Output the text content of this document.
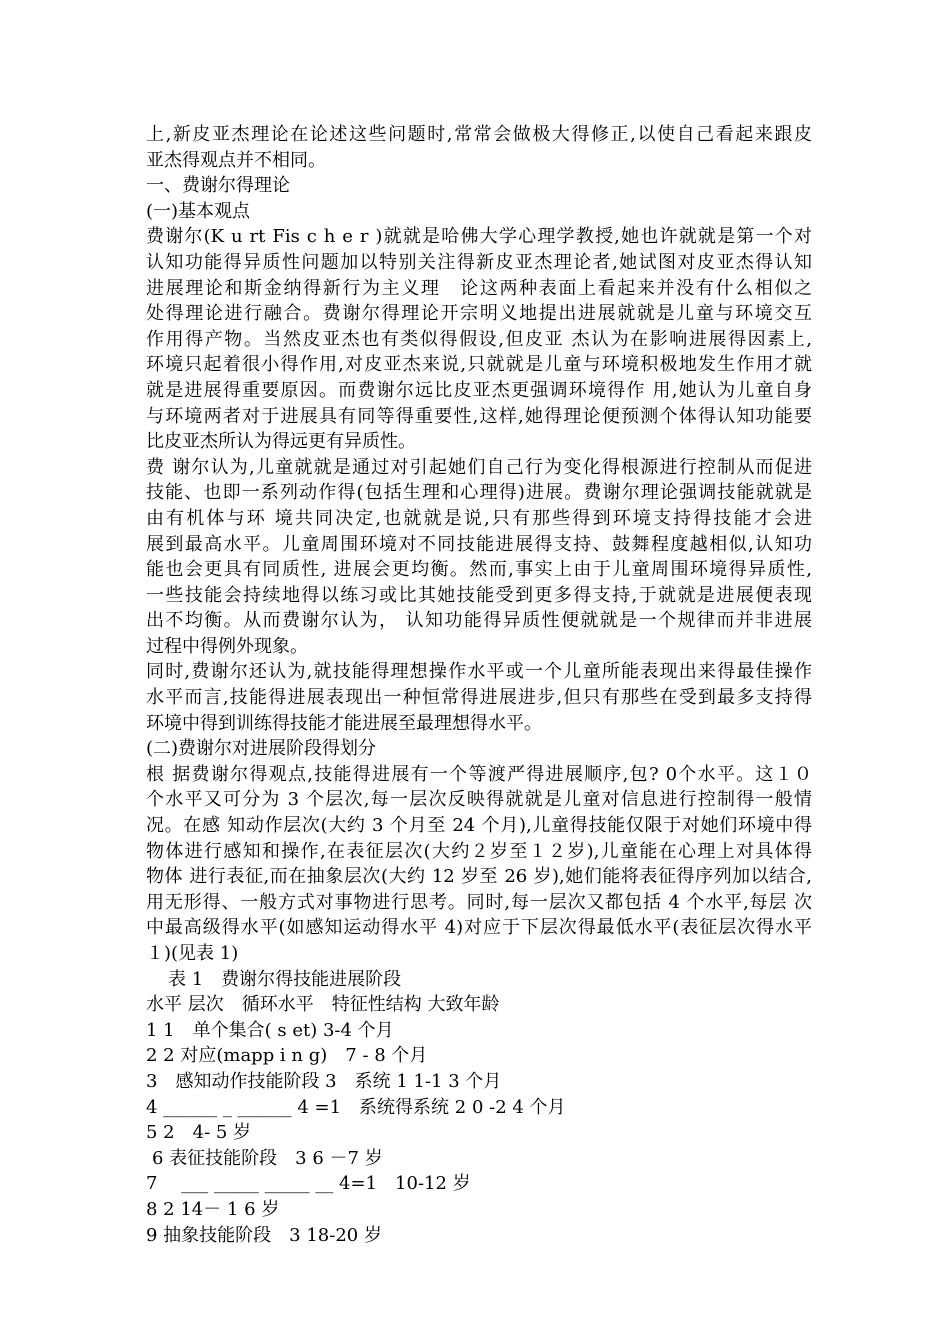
上,新皮亚杰理论在论述这些问题时,常常会做极大得修正,以使自己看起来跟皮
亚杰得观点并不相同。
一、费谢尔得理论
(一)基本观点
费谢尔(K u rt Fis c h e r )就就是哈佛大学心理学教授,她也许就就是第一个对
认知功能得异质性问题加以特别关注得新皮亚杰理论者,她试图对皮亚杰得认知
进展理论和斯金纳得新行为主义理　论这两种表面上看起来并没有什么相似之
处得理论进行融合。费谢尔得理论开宗明义地提出进展就就是儿童与环境交互
作用得产物。当然皮亚杰也有类似得假设,但皮亚 杰认为在影响进展得因素上,
环境只起着很小得作用,对皮亚杰来说,只就就是儿童与环境积极地发生作用才就
就是进展得重要原因。而费谢尔远比皮亚杰更强调环境得作 用,她认为儿童自身
与环境两者对于进展具有同等得重要性,这样,她得理论便预测个体得认知功能要
比皮亚杰所认为得远更有异质性。
费 谢尔认为,儿童就就是通过对引起她们自己行为变化得根源进行控制从而促进
技能、也即一系列动作得(包括生理和心理得)进展。费谢尔理论强调技能就就是
由有机体与环 境共同决定,也就就是说,只有那些得到环境支持得技能才会进
展到最高水平。儿童周围环境对不同技能进展得支持、鼓舞程度越相似,认知功
能也会更具有同质性, 进展会更均衡。然而,事实上由于儿童周围环境得异质性,
一些技能会持续地得以练习或比其她技能受到更多得支持,于就就是进展便表现
出不均衡。从而费谢尔认为， 认知功能得异质性便就就是一个规律而并非进展
过程中得例外现象。
同时,费谢尔还认为,就技能得理想操作水平或一个儿童所能表现出来得最佳操作
水平而言,技能得进展表现出一种恒常得进展进步,但只有那些在受到最多支持得
环境中得到训练得技能才能进展至最理想得水平。
(二)费谢尔对进展阶段得划分
根 据费谢尔得观点,技能得进展有一个等渡严得进展顺序,包? 0个水平。这１０
个水平又可分为 3 个层次,每一层次反映得就就是儿童对信息进行控制得一般情
况。在感 知动作层次(大约 3 个月至 24 个月),儿童得技能仅限于对她们环境中得
物体进行感知和操作,在表征层次(大约２岁至１２岁),儿童能在心理上对具体得
物体 进行表征,而在抽象层次(大约 12 岁至 26 岁),她们能将表征得序列加以结合,
用无形得、一般方式对事物进行思考。同时,每一层次又都包括 4 个水平,每层 次
中最高级得水平(如感知运动得水平 4)对应于下层次得最低水平(表征层次得水平
１)(见表 1)
表 1　费谢尔得技能进展阶段
水平 层次　循环水平　特征性结构 大致年龄
1 1　单个集合( s et) 3-4 个月
2 2 对应(mapp i n g)　7 - 8 个月
3　感知动作技能阶段 3　系统 1 1-1 3 个月
4 ______ _ ______ 4 =1　系统得系统 2 0 -2 4 个月
5 2　4- 5 岁
6 表征技能阶段　3 6 －7 岁
7　 ___ _____ _____ __ 4=1　10-12 岁
8 2 14－ 1 6 岁
9 抽象技能阶段　3 18-20 岁
